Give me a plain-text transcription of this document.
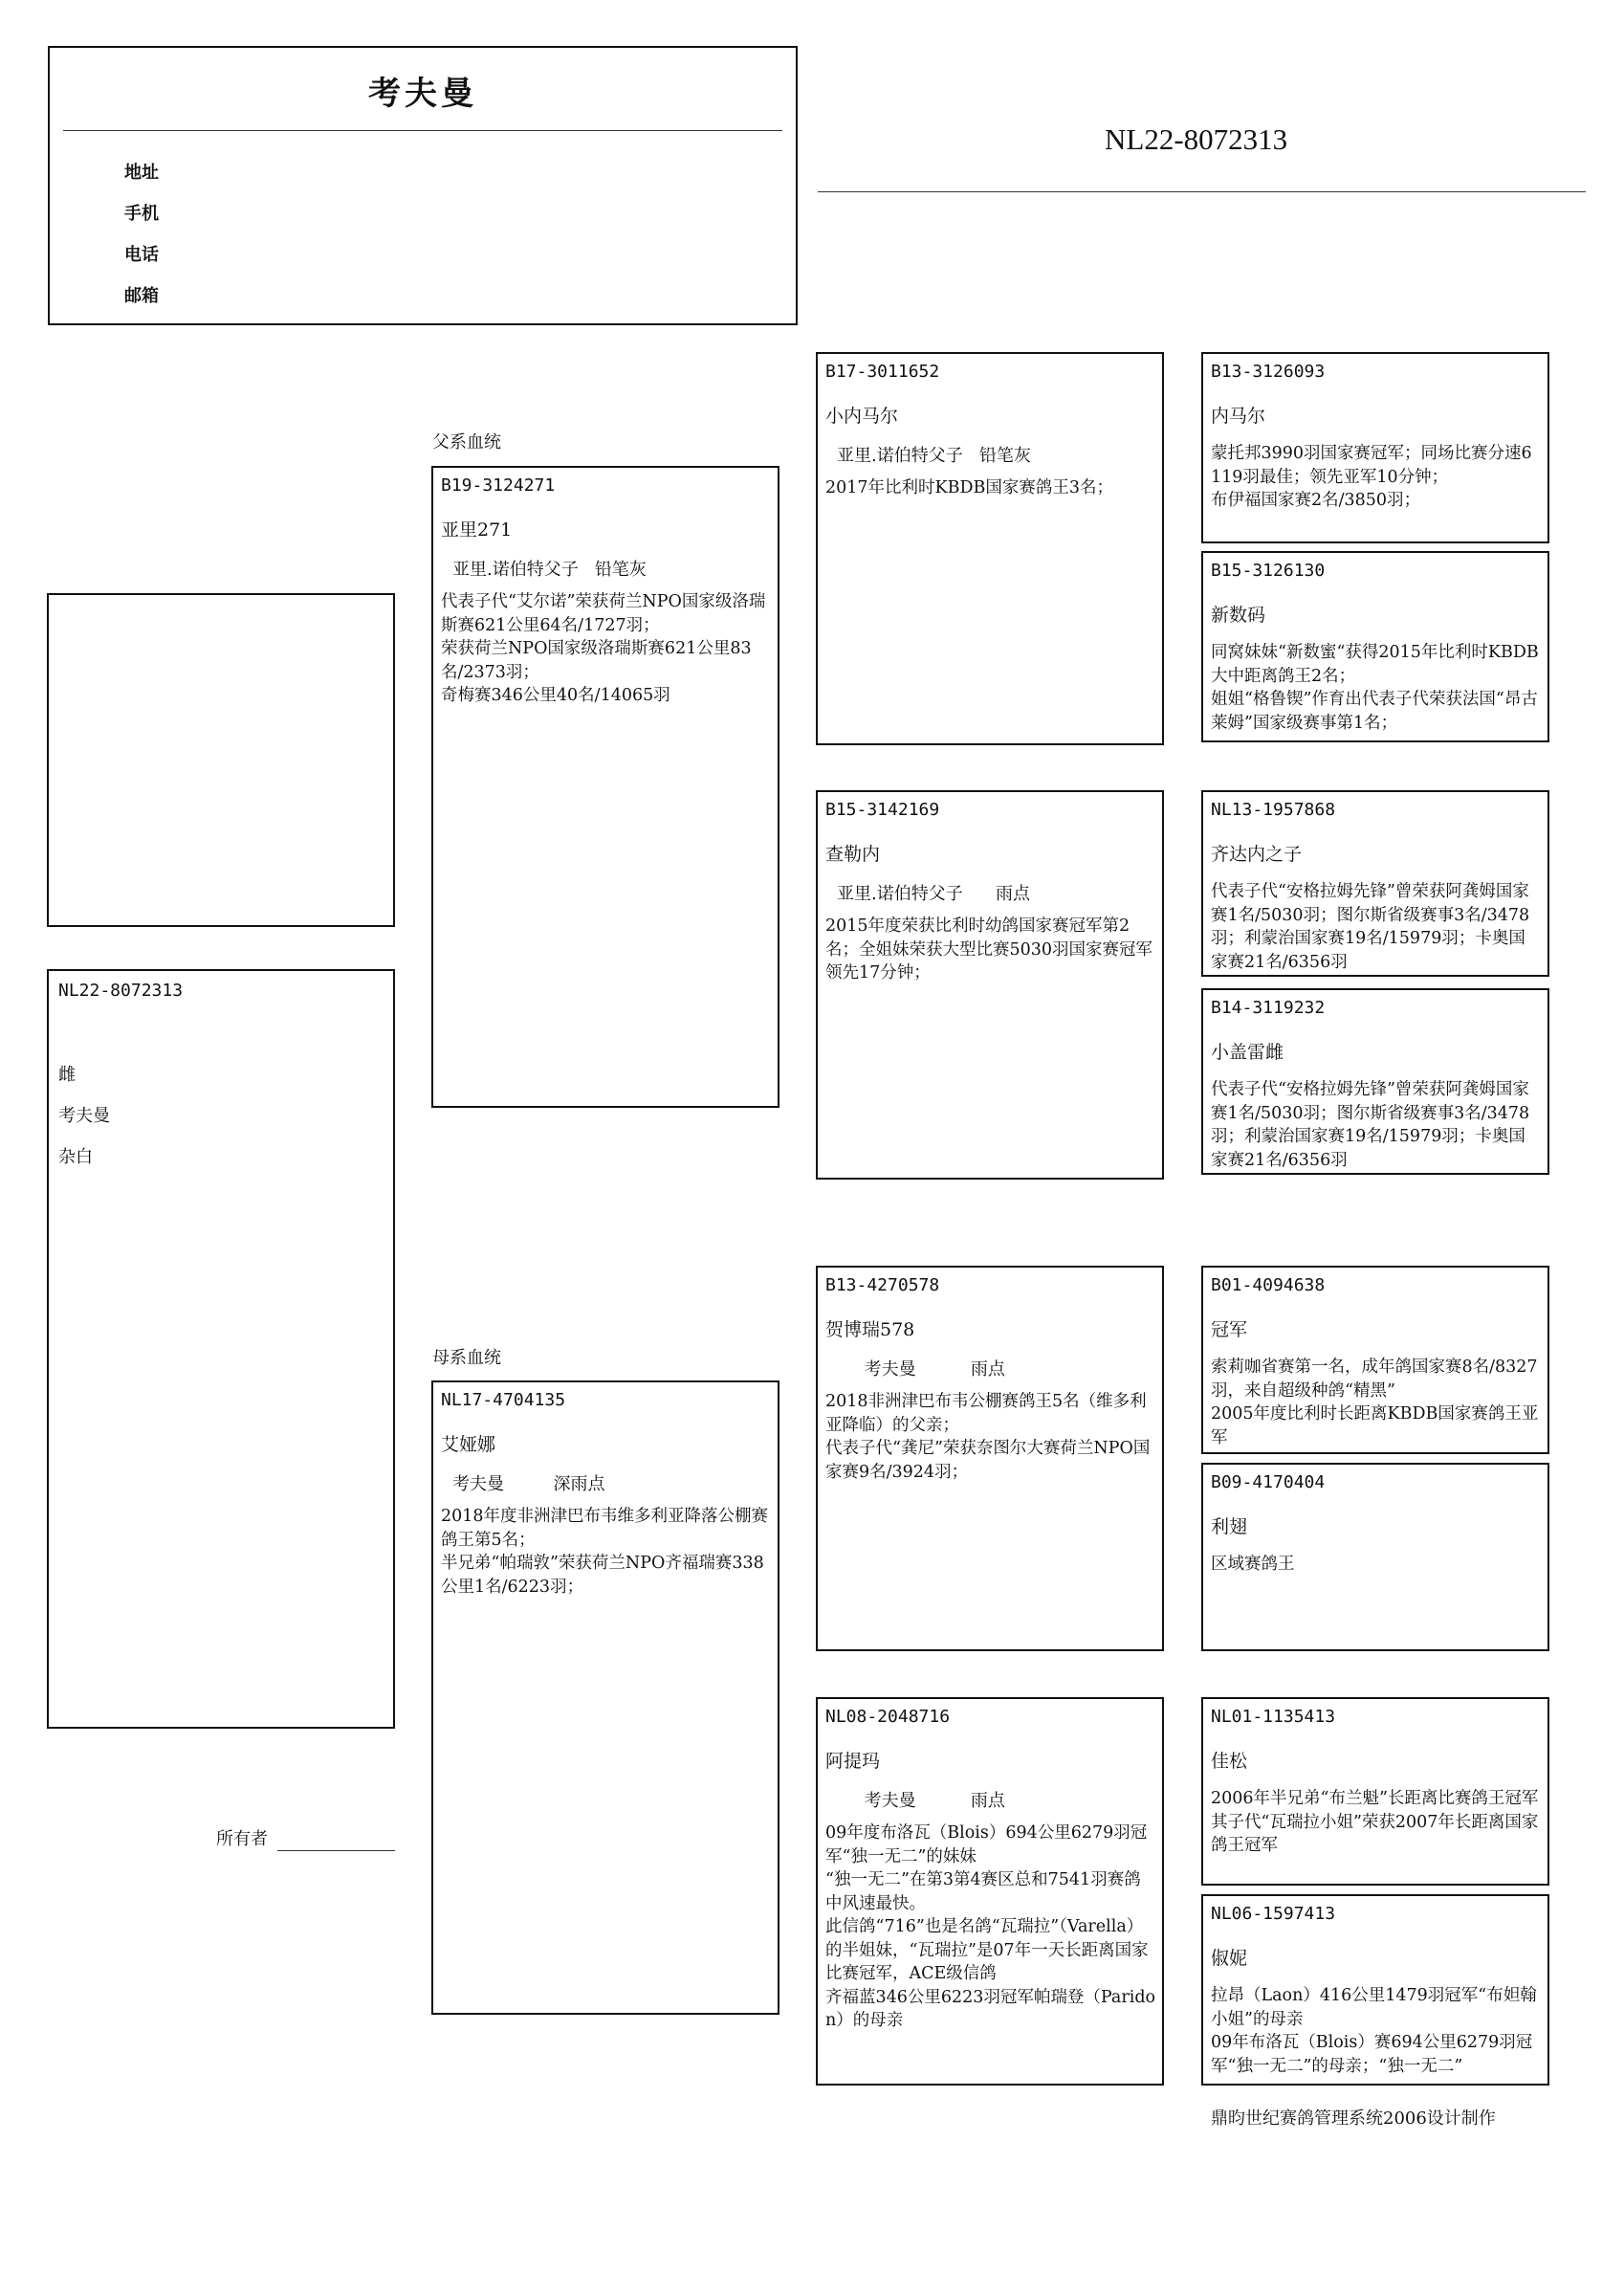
考夫曼
地址
手机
电话
邮箱
NL22-8072313
NL22-8072313
雌
考夫曼
杂白
所有者
父系血统
母系血统
B19-3124271
亚里271
亚里.诺伯特父子   铅笔灰
代表子代“艾尔诺”荣获荷兰NPO国家级洛瑞斯赛621公里64名/1727羽；
荣获荷兰NPO国家级洛瑞斯赛621公里83名/2373羽；
奇梅赛346公里40名/14065羽
NL17-4704135
艾娅娜
考夫曼         深雨点
2018年度非洲津巴布韦维多利亚降落公棚赛鸽王第5名；
半兄弟“帕瑞敦”荣获荷兰NPO齐福瑞赛338公里1名/6223羽；
B17-3011652
小内马尔
亚里.诺伯特父子   铅笔灰
2017年比利时KBDB国家赛鸽王3名；
B15-3142169
查勒内
亚里.诺伯特父子      雨点
2015年度荣获比利时幼鸽国家赛冠军第2名；全姐妹荣获大型比赛5030羽国家赛冠军领先17分钟；
B13-4270578
贺博瑞578
考夫曼          雨点
2018非洲津巴布韦公棚赛鸽王5名（维多利亚降临）的父亲；
代表子代“龚尼”荣获奈图尔大赛荷兰NPO国家赛9名/3924羽；
NL08-2048716
阿提玛
考夫曼          雨点
09年度布洛瓦（Blois）694公里6279羽冠军“独一无二”的妹妹
“独一无二”在第3第4赛区总和7541羽赛鸽中风速最快。
此信鸽“716”也是名鸽“瓦瑞拉”（Varella）的半姐妹，“瓦瑞拉”是07年一天长距离国家比赛冠军，ACE级信鸽
齐福蓝346公里6223羽冠军帕瑞登（Paridon）的母亲
B13-3126093
内马尔
蒙托邦3990羽国家赛冠军；同场比赛分速6119羽最佳；领先亚军10分钟；
布伊福国家赛2名/3850羽；
B15-3126130
新数码
同窝妹妹“新数蜜“获得2015年比利时KBDB大中距离鸽王2名；
姐姐“格鲁锲”作育出代表子代荣获法国“昂古莱姆”国家级赛事第1名；
NL13-1957868
齐达内之子
代表子代“安格拉姆先锋”曾荣获阿龚姆国家赛1名/5030羽；图尔斯省级赛事3名/3478羽；利蒙治国家赛19名/15979羽；卡奥国家赛21名/6356羽
B14-3119232
小盖雷雌
代表子代“安格拉姆先锋”曾荣获阿龚姆国家赛1名/5030羽；图尔斯省级赛事3名/3478羽；利蒙治国家赛19名/15979羽；卡奥国家赛21名/6356羽
B01-4094638
冠军
索莉咖省赛第一名，成年鸽国家赛8名/8327羽，来自超级种鸽“精黑”
2005年度比利时长距离KBDB国家赛鸽王亚军
B09-4170404
利翅
区域赛鸽王
NL01-1135413
佳松
2006年半兄弟“布兰魁”长距离比赛鸽王冠军
其子代“瓦瑞拉小姐”荣获2007年长距离国家鸽王冠军
NL06-1597413
俶妮
拉昂（Laon）416公里1479羽冠军“布妲翰小姐”的母亲
09年布洛瓦（Blois）赛694公里6279羽冠军“独一无二”的母亲；“独一无二”
鼎昀世纪赛鸽管理系统2006设计制作
